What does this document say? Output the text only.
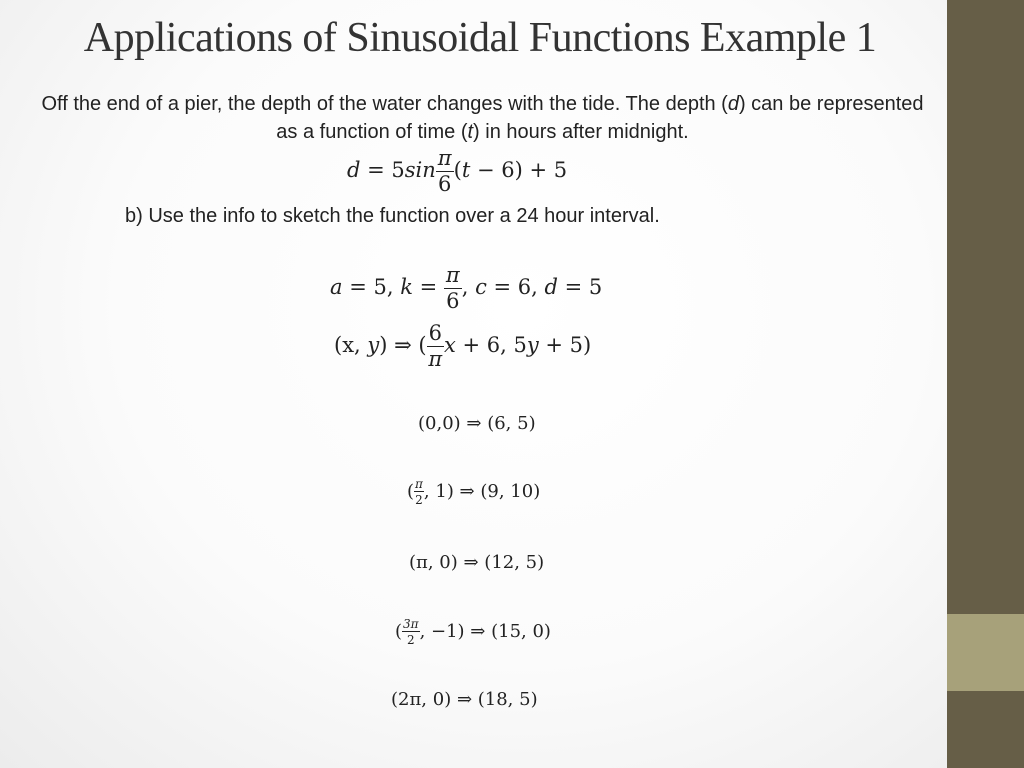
Applications of Sinusoidal Functions Example 1
Off the end of a pier, the depth of the water changes with the tide. The depth (d) can be represented as a function of time (t) in hours after midnight.
$d = 5\sin \frac{\pi}{6} (t - 6) + 5$
b) Use the info to sketch the function over a 24 hour interval.
a = 5, $k = \frac{\pi}{6}$ , c = 6, d = 5
(x, y) ⇒ ( $\frac{6}{\pi}$ x + 6, 5y + 5)
(0,0) ⇒ (6, 5)
( $\frac{\pi}{2}$ , 1) ⇒ (9, 10)
(π, 0) ⇒ (12, 5)
( $\frac{3\pi}{2}$ , −1) ⇒ (15, 0)
(2π, 0) ⇒ (18, 5)
